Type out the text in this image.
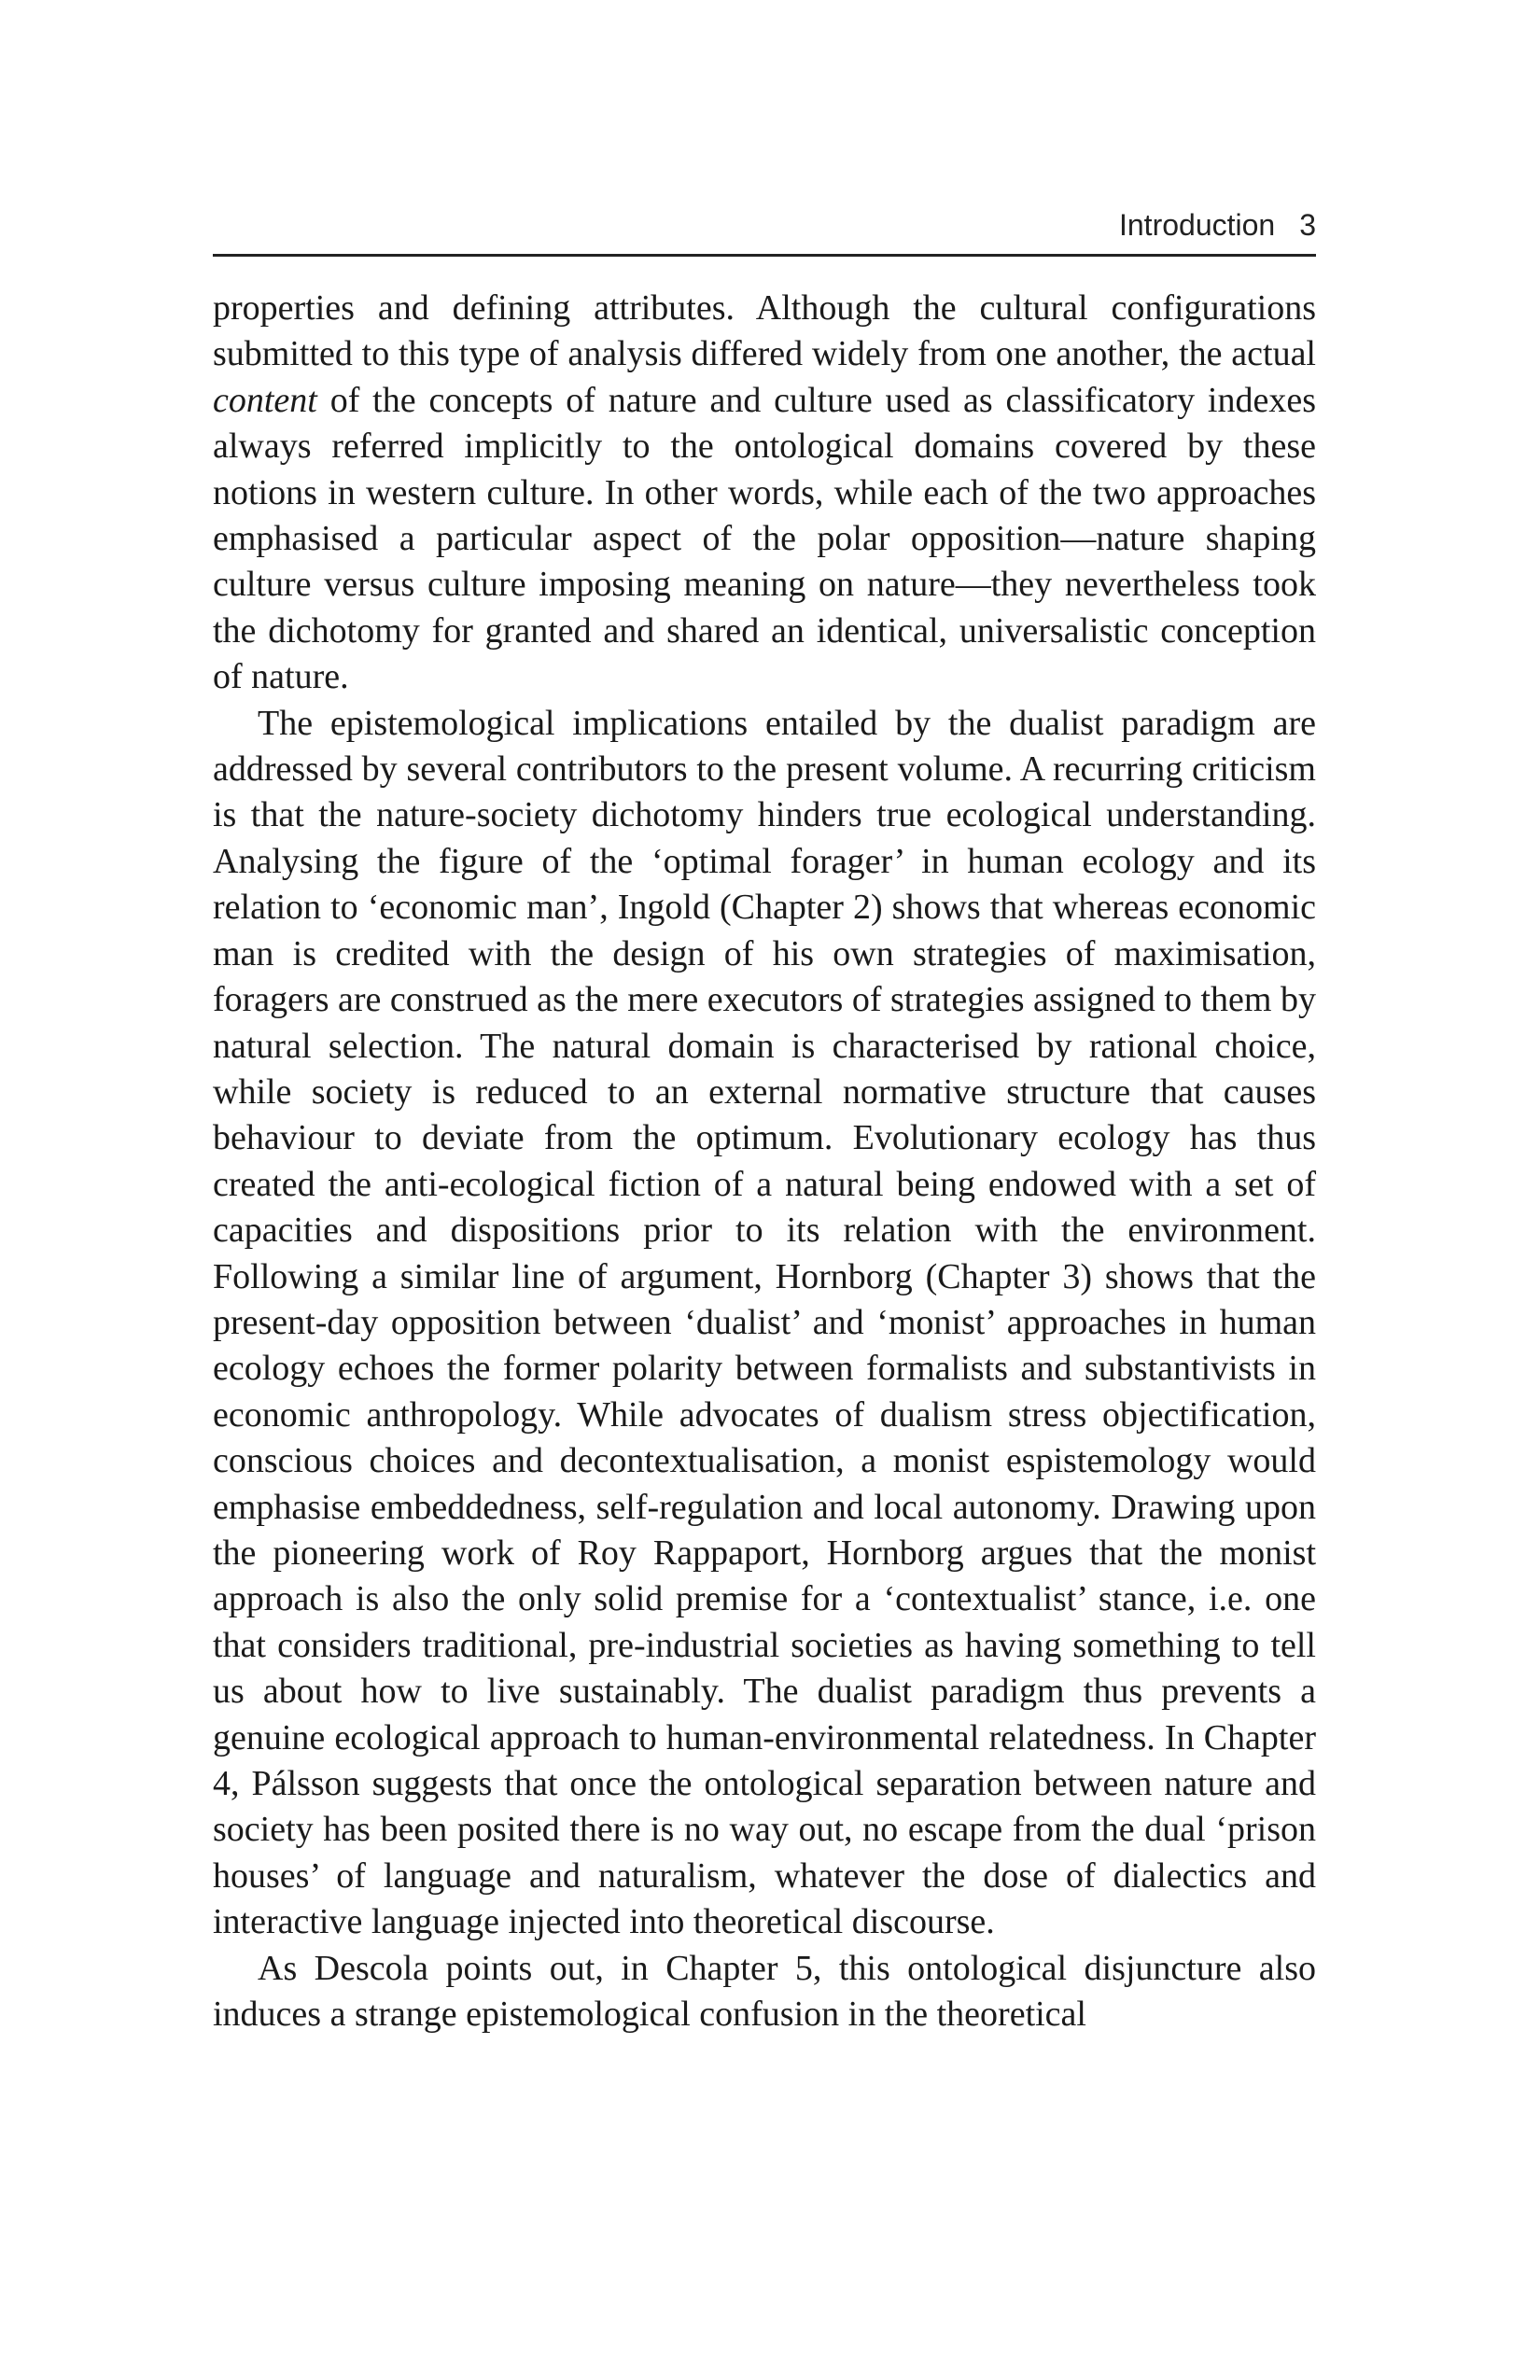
Introduction 3

properties and defining attributes. Although the cultural configurations submitted to this type of analysis differed widely from one another, the actual content of the concepts of nature and culture used as classificatory indexes always referred implicitly to the ontological domains covered by these notions in western culture. In other words, while each of the two approaches emphasised a particular aspect of the polar opposition—nature shaping culture versus culture imposing meaning on nature—they nevertheless took the dichotomy for granted and shared an identical, universalistic conception of nature.

The epistemological implications entailed by the dualist paradigm are addressed by several contributors to the present volume. A recurring criticism is that the nature-society dichotomy hinders true ecological understanding. Analysing the figure of the ‘optimal forager’ in human ecology and its relation to ‘economic man’, Ingold (Chapter 2) shows that whereas economic man is credited with the design of his own strategies of maximisation, foragers are construed as the mere executors of strategies assigned to them by natural selection. The natural domain is characterised by rational choice, while society is reduced to an external normative structure that causes behaviour to deviate from the optimum. Evolutionary ecology has thus created the anti-ecological fiction of a natural being endowed with a set of capacities and dispositions prior to its relation with the environment. Following a similar line of argument, Hornborg (Chapter 3) shows that the present-day opposition between ‘dualist’ and ‘monist’ approaches in human ecology echoes the former polarity between formalists and substantivists in economic anthropology. While advocates of dualism stress objectification, conscious choices and decontextualisation, a monist espistemology would emphasise embeddedness, self-regulation and local autonomy. Drawing upon the pioneering work of Roy Rappaport, Hornborg argues that the monist approach is also the only solid premise for a ‘contextualist’ stance, i.e. one that considers traditional, pre-industrial societies as having something to tell us about how to live sustainably. The dualist paradigm thus prevents a genuine ecological approach to human-environmental relatedness. In Chapter 4, Pálsson suggests that once the ontological separation between nature and society has been posited there is no way out, no escape from the dual ‘prison houses’ of language and naturalism, whatever the dose of dialectics and interactive language injected into theoretical discourse.

As Descola points out, in Chapter 5, this ontological disjuncture also induces a strange epistemological confusion in the theoretical
